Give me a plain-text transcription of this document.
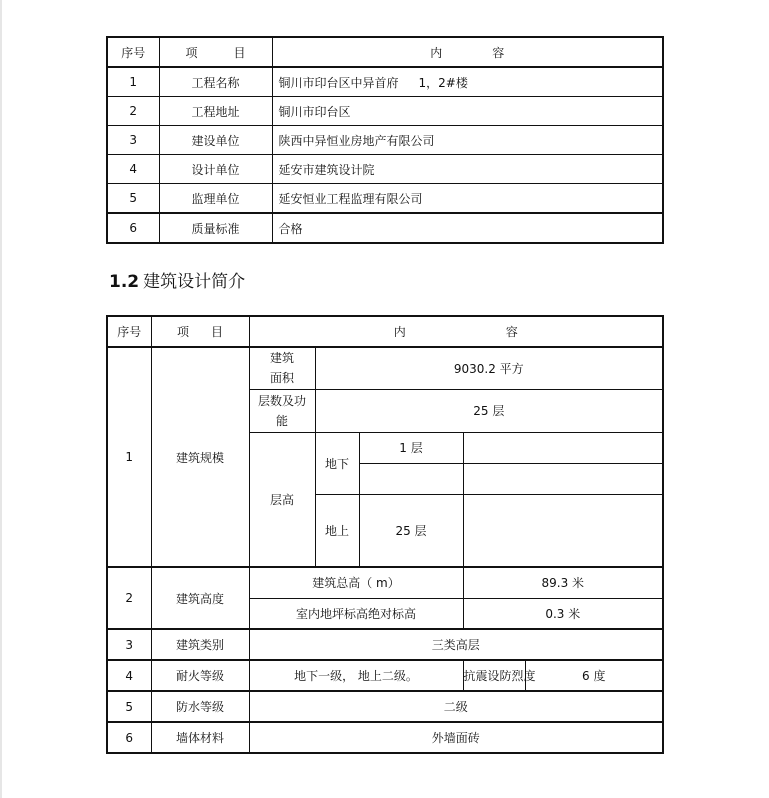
序号	项 目	内 容
1	工程名称	铜川市印台区中异首府 1，2#楼
2	工程地址	铜川市印台区
3	建设单位	陕西中异恒业房地产有限公司
4	设计单位	延安市建筑设计院
5	监理单位	延安恒业工程监理有限公司
6	质量标准	合格
1.2 建筑设计简介
序号	项 目	内 容				
1	建筑规模	建筑面积	9030.2 平方			
		层数及功能	25 层			
		层高	地下	1 层		

			地上	25 层		
2	建筑高度	建筑总高（ m）			89.3 米	
		室内地坪标高绝对标高			0.3 米	
3	建筑类别	三类高层				
4	耐火等级	地下一级， 地上二级。			抗震设防烈度	6 度
5	防水等级	二级				
6	墙体材料	外墙面砖				
